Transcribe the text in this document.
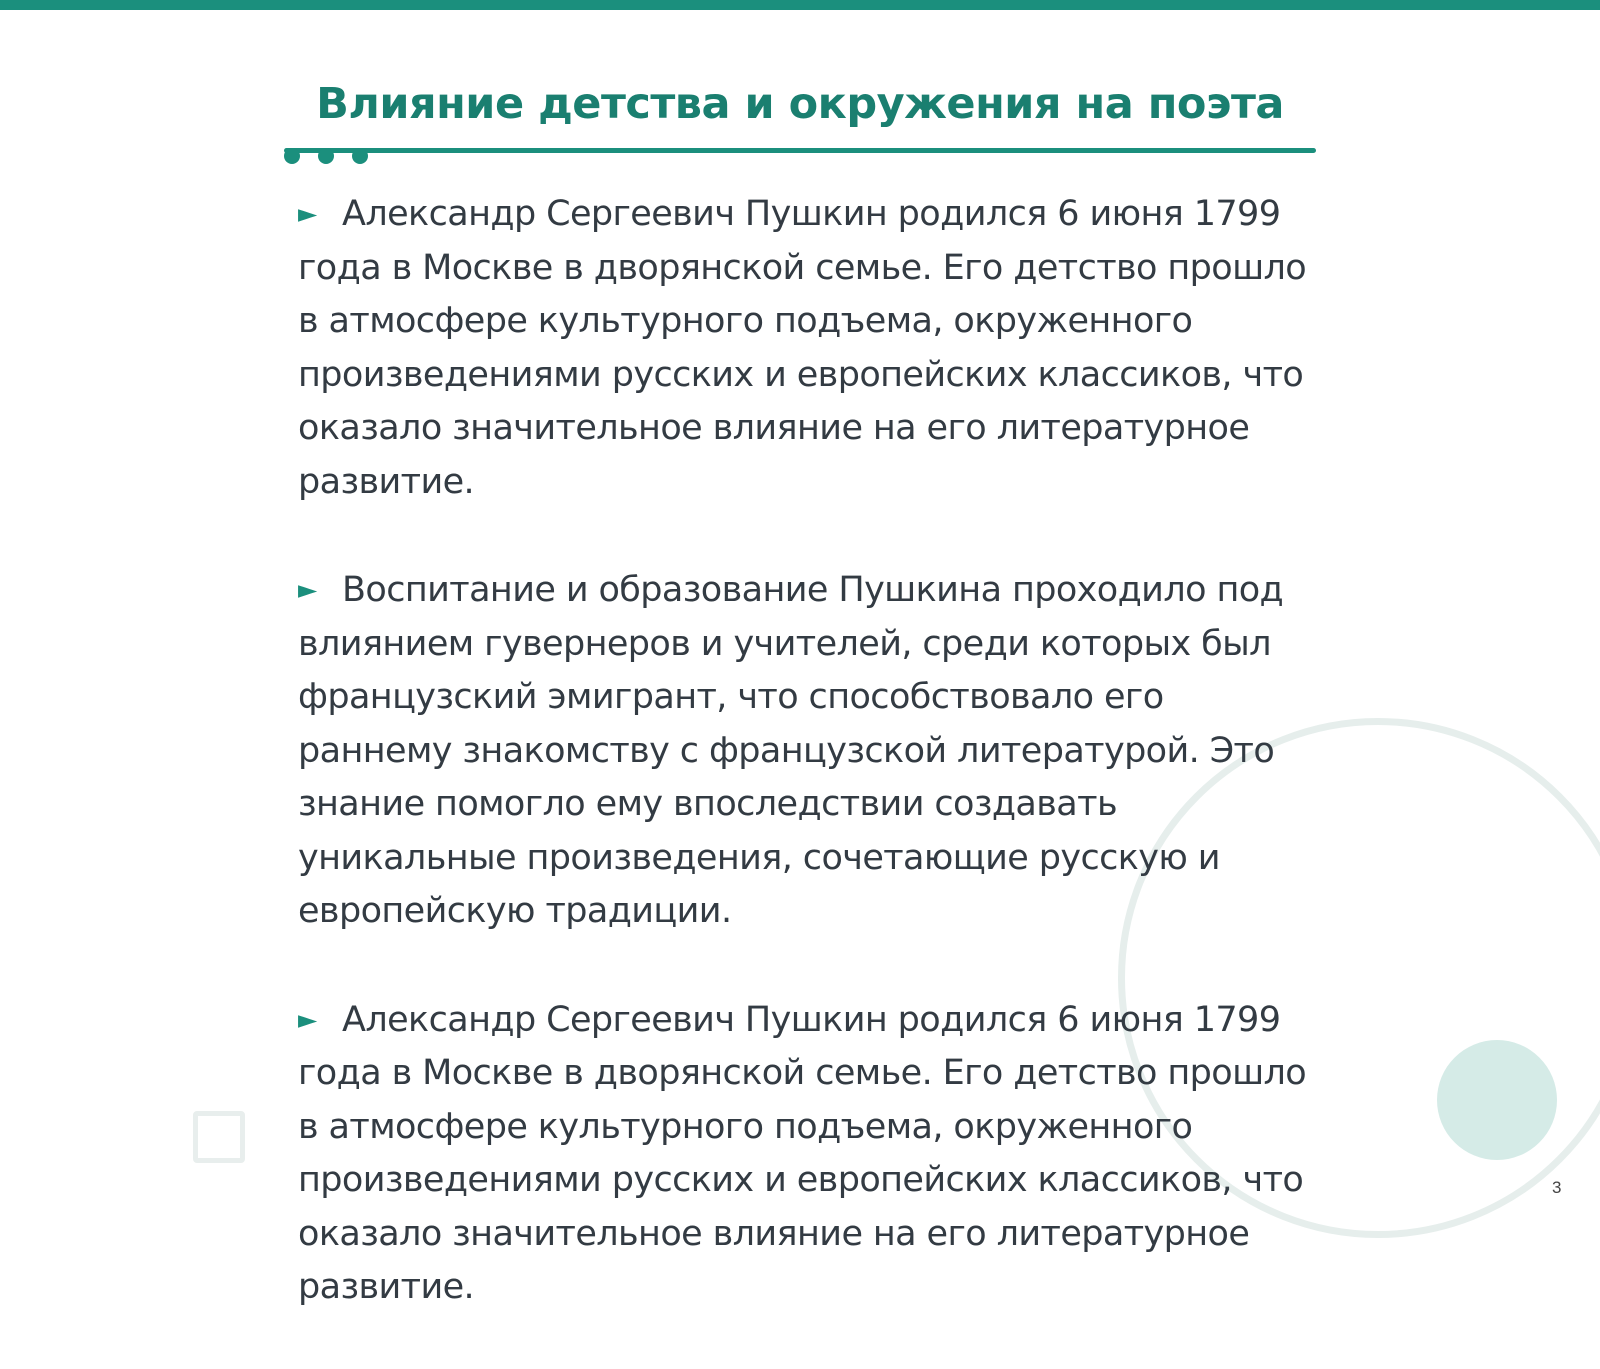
Влияние детства и окружения на поэта

► Александр Сергеевич Пушкин родился 6 июня 1799 года в Москве в дворянской семье. Его детство прошло в атмосфере культурного подъема, окруженного произведениями русских и европейских классиков, что оказало значительное влияние на его литературное развитие.

► Воспитание и образование Пушкина проходило под влиянием гувернеров и учителей, среди которых был французский эмигрант, что способствовало его раннему знакомству с французской литературой. Это знание помогло ему впоследствии создавать уникальные произведения, сочетающие русскую и европейскую традиции.

► Александр Сергеевич Пушкин родился 6 июня 1799 года в Москве в дворянской семье. Его детство прошло в атмосфере культурного подъема, окруженного произведениями русских и европейских классиков, что оказало значительное влияние на его литературное развитие.

3
